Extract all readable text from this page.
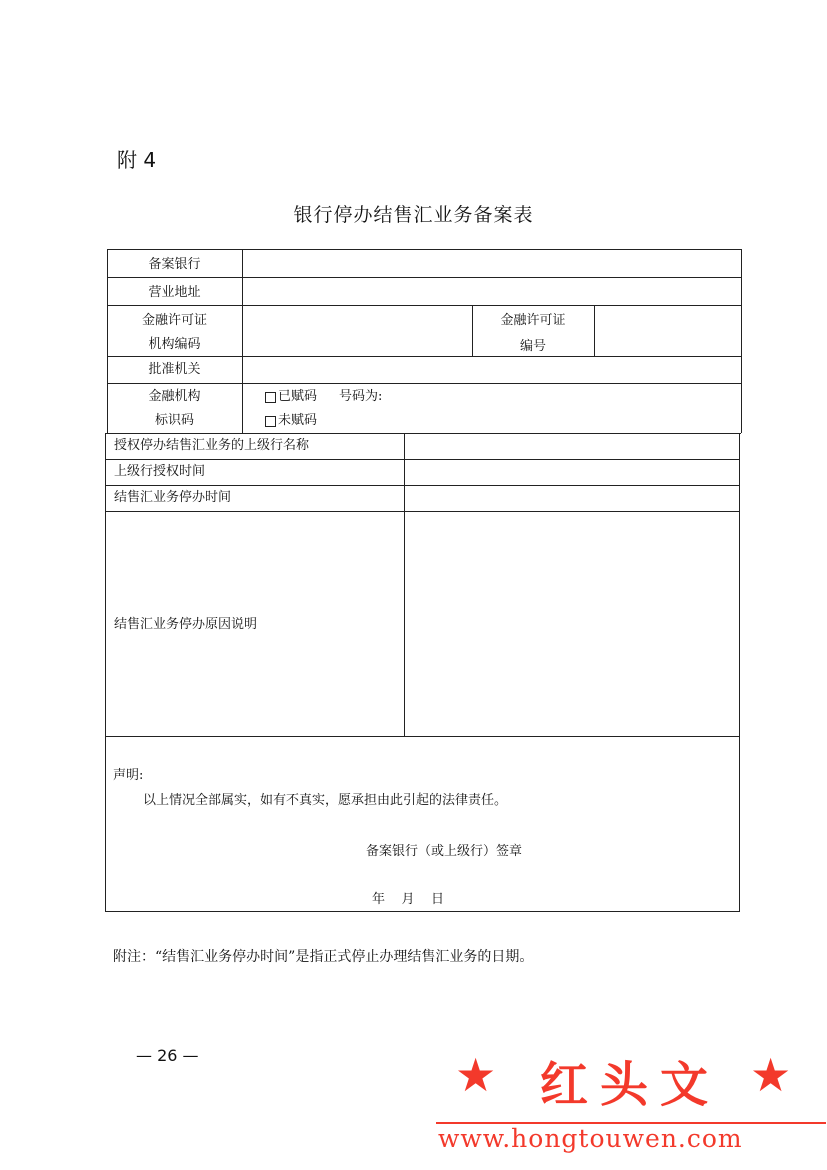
附 4
银行停办结售汇业务备案表
备案银行
营业地址
金融许可证
机构编码
金融许可证
编号
批准机关
金融机构
标识码
已赋码 号码为:
未赋码
授权停办结售汇业务的上级行名称
上级行授权时间
结售汇业务停办时间
结售汇业务停办原因说明
声明:
以上情况全部属实，如有不真实，愿承担由此引起的法律责任。
备案银行（或上级行）签章
年    月    日
附注：“结售汇业务停办时间”是指正式停止办理结售汇业务的日期。
— 26 —	★ 红头文 ★
www.hongtouwen.com
